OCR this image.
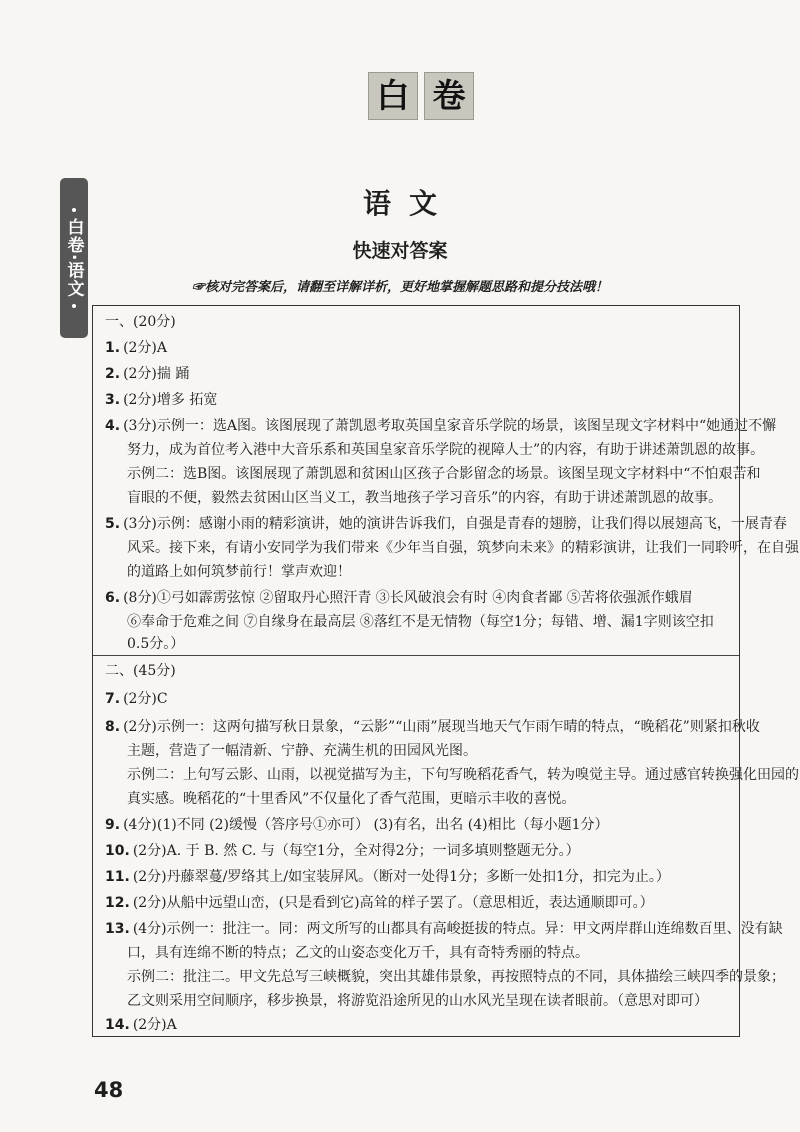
白 卷
白卷·语文
语文
快速对答案
☞核对完答案后，请翻至详解详析，更好地掌握解题思路和提分技法哦！
一、(20分)
1. (2分)A
2. (2分)揣 踊
3. (2分)增多 拓宽
4. (3分)示例一：选A图。该图展现了萧凯恩考取英国皇家音乐学院的场景，该图呈现文字材料中“她通过不懈
努力，成为首位考入港中大音乐系和英国皇家音乐学院的视障人士”的内容，有助于讲述萧凯恩的故事。
示例二：选B图。该图展现了萧凯恩和贫困山区孩子合影留念的场景。该图呈现文字材料中“不怕艰苦和
盲眼的不便，毅然去贫困山区当义工，教当地孩子学习音乐”的内容，有助于讲述萧凯恩的故事。
5. (3分)示例：感谢小雨的精彩演讲，她的演讲告诉我们，自强是青春的翅膀，让我们得以展翅高飞，一展青春
风采。接下来，有请小安同学为我们带来《少年当自强，筑梦向未来》的精彩演讲，让我们一同聆听，在自强
的道路上如何筑梦前行！掌声欢迎！
6. (8分)①弓如霹雳弦惊 ②留取丹心照汗青 ③长风破浪会有时 ④肉食者鄙 ⑤苦将依强派作蛾眉
⑥奉命于危难之间 ⑦自缘身在最高层 ⑧落红不是无情物（每空1分；每错、增、漏1字则该空扣
0.5分。）
二、(45分)
7. (2分)C
8. (2分)示例一：这两句描写秋日景象，“云影”“山雨”展现当地天气乍雨乍晴的特点，“晚稻花”则紧扣秋收
主题，营造了一幅清新、宁静、充满生机的田园风光图。
示例二：上句写云影、山雨，以视觉描写为主，下句写晚稻花香气，转为嗅觉主导。通过感官转换强化田园的
真实感。晚稻花的“十里香风”不仅量化了香气范围，更暗示丰收的喜悦。
9. (4分)(1)不同 (2)缓慢（答序号①亦可） (3)有名，出名 (4)相比（每小题1分）
10. (2分)A. 于 B. 然 C. 与（每空1分，全对得2分；一词多填则整题无分。）
11. (2分)丹藤翠蔓/罗络其上/如宝装屏风。（断对一处得1分；多断一处扣1分，扣完为止。）
12. (2分)从船中远望山峦，(只是看到它)高耸的样子罢了。（意思相近，表达通顺即可。）
13. (4分)示例一：批注一。同：两文所写的山都具有高峻挺拔的特点。异：甲文两岸群山连绵数百里、没有缺
口，具有连绵不断的特点；乙文的山姿态变化万千，具有奇特秀丽的特点。
示例二：批注二。甲文先总写三峡概貌，突出其雄伟景象，再按照特点的不同，具体描绘三峡四季的景象；
乙文则采用空间顺序，移步换景，将游览沿途所见的山水风光呈现在读者眼前。（意思对即可）
14. (2分)A
48
